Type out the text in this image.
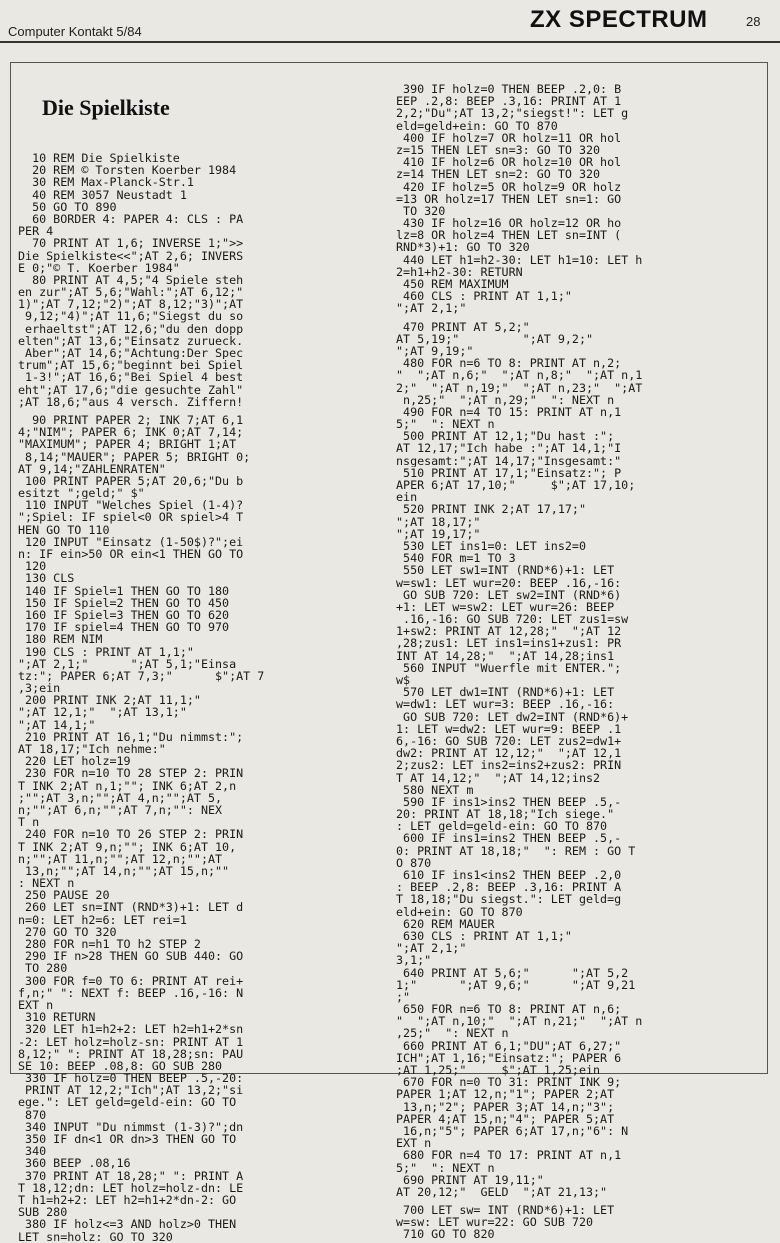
Computer Kontakt 5/84	ZX SPECTRUM	28
Die Spielkiste
10 REM Die Spielkiste
20 REM © Torsten Koerber 1984
30 REM Max-Planck-Str.1
40 REM 3057 Neustadt 1
50 GO TO 890
60 BORDER 4: PAPER 4: CLS : PA
PER 4
70 PRINT AT 1,6; INVERSE 1;">>
Die Spielkiste<<";AT 2,6; INVERS
E 0;"© T. Koerber 1984"
80 PRINT AT 4,5;"4 Spiele steh
en zur";AT 5,6;"Wahl:";AT 6,12;"
1)";AT 7,12;"2)";AT 8,12;"3)";AT
9,12;"4)";AT 11,6;"Siegst du so
erhaeltst";AT 12,6;"du den dopp
elten";AT 13,6;"Einsatz zurueck.
Aber";AT 14,6;"Achtung:Der Spec
trum";AT 15,6;"beginnt bei Spiel
1-3!";AT 16,6;"Bei Spiel 4 best
eht";AT 17,6;"die gesuchte Zahl"
;AT 18,6;"aus 4 versch. Ziffern!
90 PRINT PAPER 2; INK 7;AT 6,1
4;"NIM"; PAPER 6; INK 0;AT 7,14;
"MAXIMUM"; PAPER 4; BRIGHT 1;AT
8,14;"MAUER"; PAPER 5; BRIGHT 0;
AT 9,14;"ZAHLENRATEN"
100 PRINT PAPER 5;AT 20,6;"Du b
esitzt ";geld;" $"
110 INPUT "Welches Spiel (1-4)?
";Spiel: IF spiel<0 OR spiel>4 T
HEN GO TO 110
120 INPUT "Einsatz (1-50$)?";ei
n: IF ein>50 OR ein<1 THEN GO TO
120
130 CLS
140 IF Spiel=1 THEN GO TO 180
150 IF Spiel=2 THEN GO TO 450
160 IF Spiel=3 THEN GO TO 620
170 IF spiel=4 THEN GO TO 970
180 REM NIM
190 CLS : PRINT AT 1,1;"
";AT 2,1;"      ";AT 5,1;"Einsa
tz:"; PAPER 6;AT 7,3;"      $";AT 7
,3;ein
200 PRINT INK 2;AT 11,1;"
";AT 12,1;"  ";AT 13,1;"
";AT 14,1;"
210 PRINT AT 16,1;"Du nimmst:";
AT 18,17;"Ich nehme:"
220 LET holz=19
230 FOR n=10 TO 28 STEP 2: PRIN
T INK 2;AT n,1;""; INK 6;AT 2,n
;"";AT 3,n;"";AT 4,n;"";AT 5,
n;"";AT 6,n;"";AT 7,n;"": NEX
T n
240 FOR n=10 TO 26 STEP 2: PRIN
T INK 2;AT 9,n;""; INK 6;AT 10,
n;"";AT 11,n;"";AT 12,n;"";AT
13,n;"";AT 14,n;"";AT 15,n;""
: NEXT n
250 PAUSE 20
260 LET sn=INT (RND*3)+1: LET d
n=0: LET h2=6: LET rei=1
270 GO TO 320
280 FOR n=h1 TO h2 STEP 2
290 IF n>28 THEN GO SUB 440: GO
TO 280
300 FOR f=0 TO 6: PRINT AT rei+
f,n;" ": NEXT f: BEEP .16,-16: N
EXT n
310 RETURN
320 LET h1=h2+2: LET h2=h1+2*sn
-2: LET holz=holz-sn: PRINT AT 1
8,12;" ": PRINT AT 18,28;sn: PAU
SE 10: BEEP .08,8: GO SUB 280
330 IF holz=0 THEN BEEP .5,-20:
PRINT AT 12,2;"Ich";AT 13,2;"si
ege.": LET geld=geld-ein: GO TO
870
340 INPUT "Du nimmst (1-3)?";dn
350 IF dn<1 OR dn>3 THEN GO TO
340
360 BEEP .08,16
370 PRINT AT 18,28;" ": PRINT A
T 18,12;dn: LET holz=holz-dn: LE
T h1=h2+2: LET h2=h1+2*dn-2: GO
SUB 280
380 IF holz<=3 AND holz>0 THEN
LET sn=holz: GO TO 320
390 IF holz=0 THEN BEEP .2,0: B
EEP .2,8: BEEP .3,16: PRINT AT 1
2,2;"Du";AT 13,2;"siegst!": LET g
eld=geld+ein: GO TO 870
400 IF holz=7 OR holz=11 OR hol
z=15 THEN LET sn=3: GO TO 320
410 IF holz=6 OR holz=10 OR hol
z=14 THEN LET sn=2: GO TO 320
420 IF holz=5 OR holz=9 OR holz
=13 OR holz=17 THEN LET sn=1: GO
TO 320
430 IF holz=16 OR holz=12 OR ho
lz=8 OR holz=4 THEN LET sn=INT (
RND*3)+1: GO TO 320
440 LET h1=h2-30: LET h1=10: LET h
2=h1+h2-30: RETURN
450 REM MAXIMUM
460 CLS : PRINT AT 1,1;"
";AT 2,1;"
470 PRINT AT 5,2;"
AT 5,19;"         ";AT 9,2;"
";AT 9,19;"
480 FOR n=6 TO 8: PRINT AT n,2;
"  ";AT n,6;"  ";AT n,8;"  ";AT n,1
2;"  ";AT n,19;"  ";AT n,23;"  ";AT
n,25;"  ";AT n,29;"  ": NEXT n
490 FOR n=4 TO 15: PRINT AT n,1
5;"  ": NEXT n
500 PRINT AT 12,1;"Du hast :";
AT 12,17;"Ich habe :";AT 14,1;"I
nsgesamt:";AT 14,17;"Insgesamt:"
510 PRINT AT 17,1;"Einsatz:"; P
APER 6;AT 17,10;"     $";AT 17,10;
ein
520 PRINT INK 2;AT 17,17;"
";AT 18,17;"
";AT 19,17;"
530 LET ins1=0: LET ins2=0
540 FOR m=1 TO 3
550 LET sw1=INT (RND*6)+1: LET
w=sw1: LET wur=20: BEEP .16,-16:
GO SUB 720: LET sw2=INT (RND*6)
+1: LET w=sw2: LET wur=26: BEEP
.16,-16: GO SUB 720: LET zus1=sw
1+sw2: PRINT AT 12,28;"  ";AT 12
,28;zus1: LET ins1=ins1+zus1: PR
INT AT 14,28;"  ";AT 14,28;ins1
560 INPUT "Wuerfle mit ENTER.";
w$
570 LET dw1=INT (RND*6)+1: LET
w=dw1: LET wur=3: BEEP .16,-16:
GO SUB 720: LET dw2=INT (RND*6)+
1: LET w=dw2: LET wur=9: BEEP .1
6,-16: GO SUB 720: LET zus2=dw1+
dw2: PRINT AT 12,12;"  ";AT 12,1
2;zus2: LET ins2=ins2+zus2: PRIN
T AT 14,12;"  ";AT 14,12;ins2
580 NEXT m
590 IF ins1>ins2 THEN BEEP .5,-
20: PRINT AT 18,18;"Ich siege."
: LET geld=geld-ein: GO TO 870
600 IF ins1=ins2 THEN BEEP .5,-
0: PRINT AT 18,18;"  ": REM : GO T
O 870
610 IF ins1<ins2 THEN BEEP .2,0
: BEEP .2,8: BEEP .3,16: PRINT A
T 18,18;"Du siegst.": LET geld=g
eld+ein: GO TO 870
620 REM MAUER
630 CLS : PRINT AT 1,1;"
";AT 2,1;"
3,1;"
640 PRINT AT 5,6;"      ";AT 5,2
1;"      ";AT 9,6;"      ";AT 9,21
;"
650 FOR n=6 TO 8: PRINT AT n,6;
"  ";AT n,10;"  ";AT n,21;"  ";AT n
,25;"  ": NEXT n
660 PRINT AT 6,1;"DU";AT 6,27;"
ICH";AT 1,16;"Einsatz:"; PAPER 6
;AT 1,25;"     $";AT 1,25;ein
670 FOR n=0 TO 31: PRINT INK 9;
PAPER 1;AT 12,n;"1"; PAPER 2;AT
13,n;"2"; PAPER 3;AT 14,n;"3";
PAPER 4;AT 15,n;"4"; PAPER 5;AT
16,n;"5"; PAPER 6;AT 17,n;"6": N
EXT n
680 FOR n=4 TO 17: PRINT AT n,1
5;"  ": NEXT n
690 PRINT AT 19,11;"
AT 20,12;"  GELD  ";AT 21,13;"
700 LET sw= INT (RND*6)+1: LET
w=sw: LET wur=22: GO SUB 720
710 GO TO 820
